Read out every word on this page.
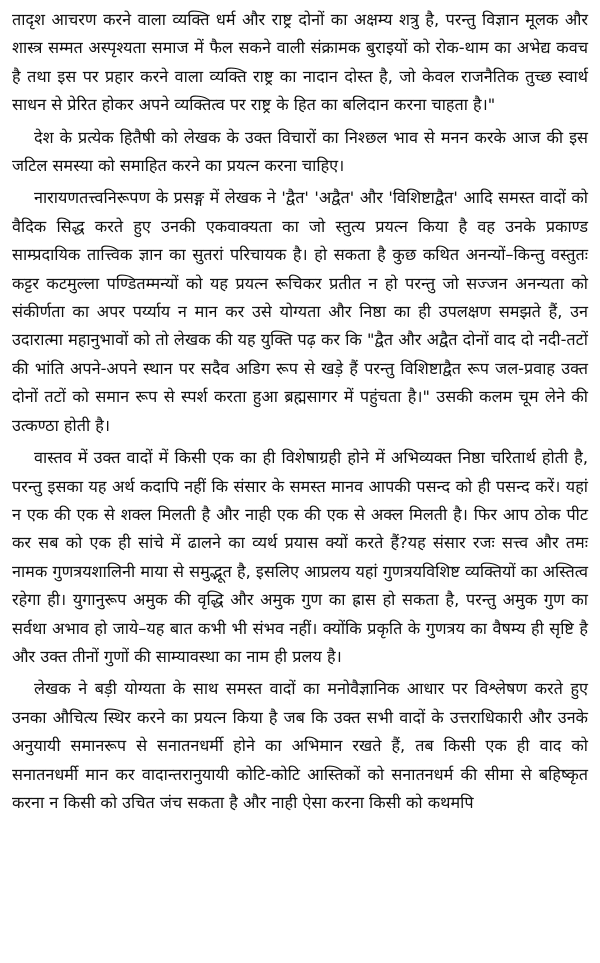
तादृश आचरण करने वाला व्यक्ति धर्म और राष्ट्र दोनों का अक्षम्य शत्रु है, परन्तु विज्ञान मूलक और शास्त्र सम्मत अस्पृश्यता समाज में फैल सकने वाली संक्रामक बुराइयों को रोक-थाम का अभेद्य कवच है तथा इस पर प्रहार करने वाला व्यक्ति राष्ट्र का नादान दोस्त है, जो केवल राजनैतिक तुच्छ स्वार्थ साधन से प्रेरित होकर अपने व्यक्तित्व पर राष्ट्र के हित का बलिदान करना चाहता है।"

देश के प्रत्येक हितैषी को लेखक के उक्त विचारों का निश्छल भाव से मनन करके आज की इस जटिल समस्या को समाहित करने का प्रयत्न करना चाहिए।

नारायणतत्त्वनिरूपण के प्रसङ्ग में लेखक ने 'द्वैत' 'अद्वैत' और 'विशिष्टाद्वैत' आदि समस्त वादों को वैदिक सिद्ध करते हुए उनकी एकवाक्यता का जो स्तुत्य प्रयत्न किया है वह उनके प्रकाण्ड साम्प्रदायिक तात्त्विक ज्ञान का सुतरां परिचायक है। हो सकता है कुछ कथित अनन्यों–किन्तु वस्तुतः कट्टर कटमुल्ला पण्डितम्मन्यों को यह प्रयत्न रूचिकर प्रतीत न हो परन्तु जो सज्जन अनन्यता को संकीर्णता का अपर पर्य्याय न मान कर उसे योग्यता और निष्ठा का ही उपलक्षण समझते हैं, उन उदारात्मा महानुभावों को तो लेखक की यह युक्ति पढ़ कर कि "द्वैत और अद्वैत दोनों वाद दो नदी-तटों की भांति अपने-अपने स्थान पर सदैव अडिग रूप से खड़े हैं परन्तु विशिष्टाद्वैत रूप जल-प्रवाह उक्त दोनों तटों को समान रूप से स्पर्श करता हुआ ब्रह्मसागर में पहुंचता है।" उसकी कलम चूम लेने की उत्कण्ठा होती है।

वास्तव में उक्त वादों में किसी एक का ही विशेषाग्रही होने में अभिव्यक्त निष्ठा चरितार्थ होती है, परन्तु इसका यह अर्थ कदापि नहीं कि संसार के समस्त मानव आपकी पसन्द को ही पसन्द करें। यहां न एक की एक से शक्ल मिलती है और नाही एक की एक से अक्ल मिलती है। फिर आप ठोक पीट कर सब को एक ही सांचे में ढालने का व्यर्थ प्रयास क्यों करते हैं?यह संसार रजः सत्त्व और तमः नामक गुणत्रयशालिनी माया से समुद्भूत है, इसलिए आप्रलय यहां गुणत्रयविशिष्ट व्यक्तियों का अस्तित्व रहेगा ही। युगानुरूप अमुक की वृद्धि और अमुक गुण का ह्रास हो सकता है, परन्तु अमुक गुण का सर्वथा अभाव हो जाये–यह बात कभी भी संभव नहीं। क्योंकि प्रकृति के गुणत्रय का वैषम्य ही सृष्टि है और उक्त तीनों गुणों की साम्यावस्था का नाम ही प्रलय है।

लेखक ने बड़ी योग्यता के साथ समस्त वादों का मनोवैज्ञानिक आधार पर विश्लेषण करते हुए उनका औचित्य स्थिर करने का प्रयत्न किया है जब कि उक्त सभी वादों के उत्तराधिकारी और उनके अनुयायी समानरूप से सनातनधर्मी होने का अभिमान रखते हैं, तब किसी एक ही वाद को सनातनधर्मी मान कर वादान्तरानुयायी कोटि-कोटि आस्तिकों को सनातनधर्म की सीमा से बहिष्कृत करना न किसी को उचित जंच सकता है और नाही ऐसा करना किसी को कथमपि
